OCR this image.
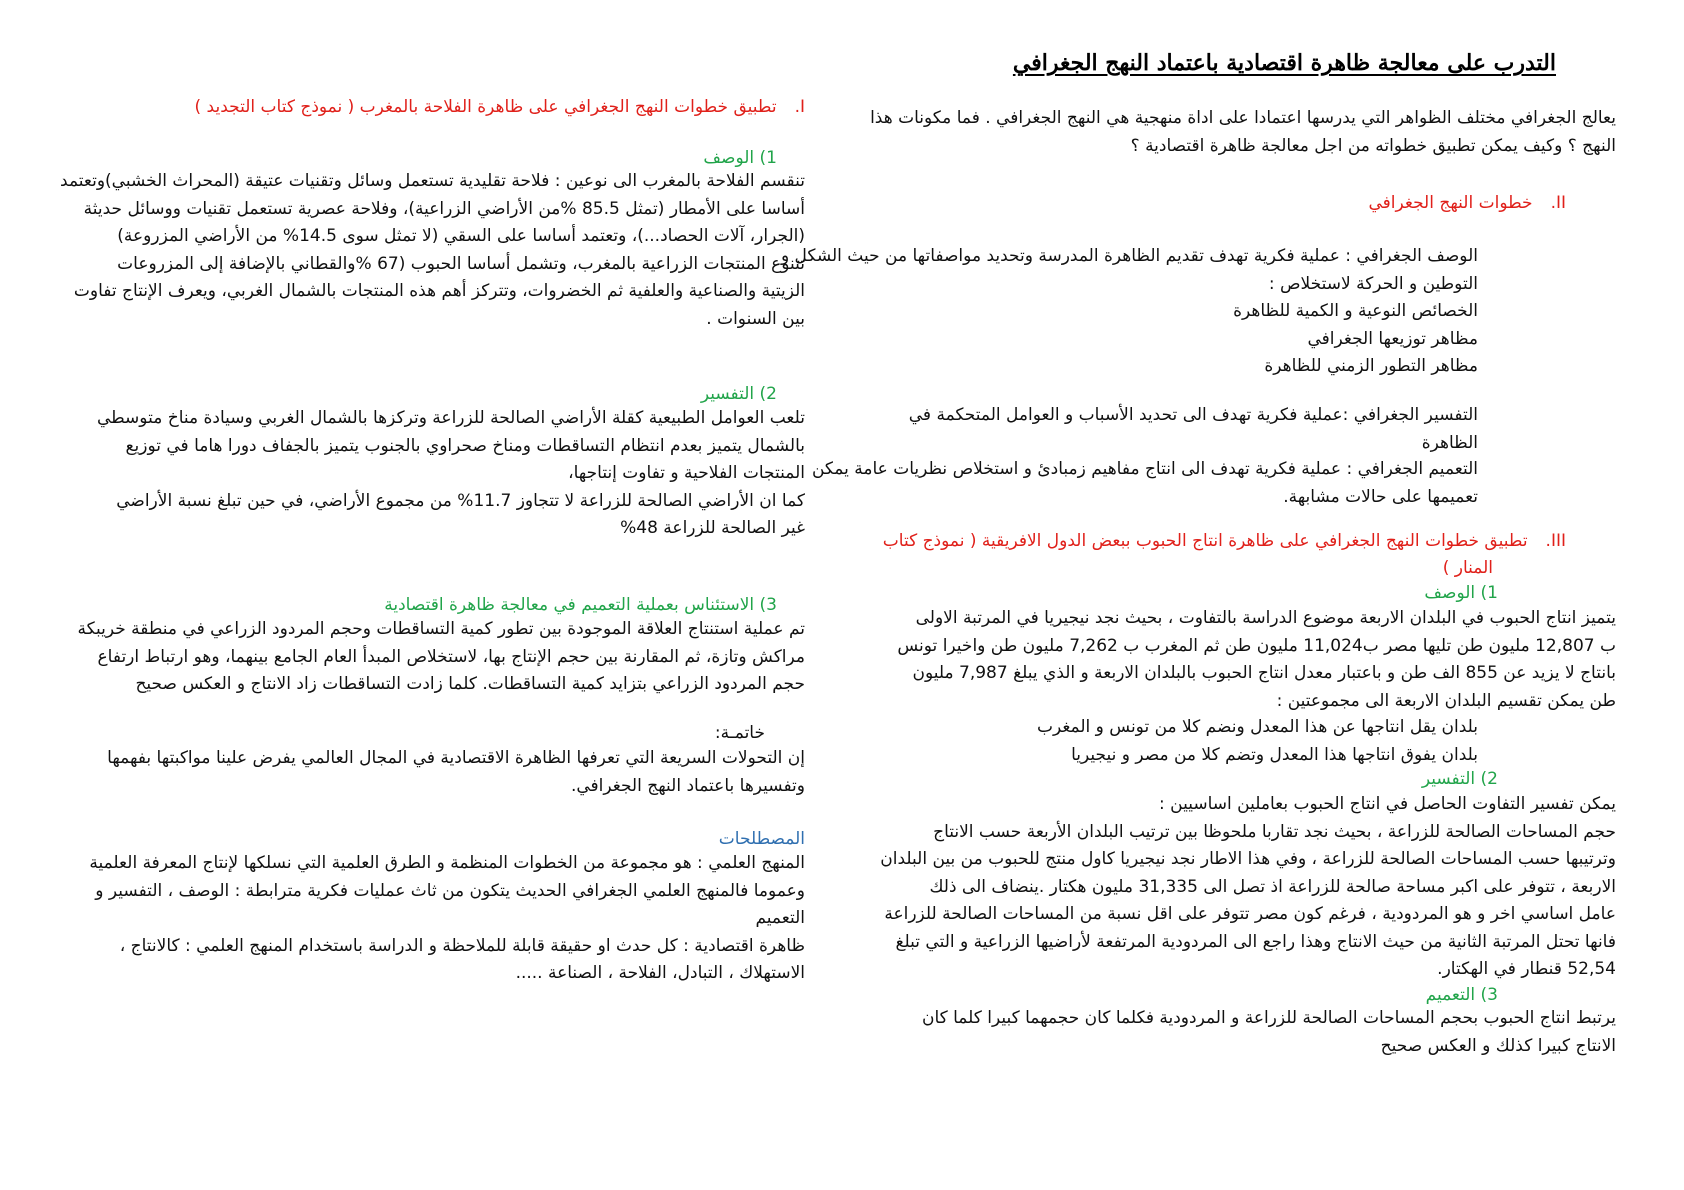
التدرب على معالجة ظاهرة اقتصادية باعتماد النهج الجغرافي
يعالج الجغرافي مختلف الظواهر التي يدرسها اعتمادا على اداة منهجية هي النهج الجغرافي . فما مكونات هذا
النهج ؟ وكيف يمكن تطبيق خطواته من اجل معالجة ظاهرة اقتصادية ؟
II.خطوات النهج الجغرافي
الوصف الجغرافي : عملية فكرية تهدف تقديم الظاهرة المدرسة وتحديد مواصفاتها من حيث الشكل و
التوطين و الحركة لاستخلاص :
الخصائص النوعية و الكمية للظاهرة
مظاهر توزيعها الجغرافي
مظاهر التطور الزمني للظاهرة
التفسير الجغرافي :عملية فكرية تهدف الى تحديد الأسباب و العوامل المتحكمة في الظاهرة
التعميم الجغرافي : عملية فكرية تهدف الى انتاج مفاهيم زمبادئ و استخلاص نظريات عامة يمكن
تعميمها على حالات مشابهة.
III.تطبيق خطوات النهج الجغرافي على ظاهرة انتاج الحبوب ببعض الدول الافريقية ( نموذج كتاب
المنار )
1) الوصف
يتميز انتاج الحبوب في البلدان الاربعة موضوع الدراسة بالتفاوت ، بحيث نجد نيجيريا في المرتبة الاولى
ب 12,807 مليون طن تليها مصر ب11,024 مليون طن ثم المغرب ب 7,262 مليون طن واخيرا تونس
بانتاج لا يزيد عن 855 الف طن و باعتبار معدل انتاج الحبوب بالبلدان الاربعة و الذي يبلغ 7,987 مليون
طن يمكن تقسيم البلدان الاربعة الى مجموعتين :
بلدان يقل انتاجها عن هذا المعدل ونضم كلا من تونس و المغرب
بلدان يفوق انتاجها هذا المعدل وتضم كلا من مصر و نيجيريا
2) التفسير
يمكن تفسير التفاوت الحاصل في انتاج الحبوب بعاملين اساسيين :
حجم المساحات الصالحة للزراعة ، بحيث نجد تقاربا ملحوظا بين ترتيب البلدان الأربعة حسب الانتاج
وترتيبها حسب المساحات الصالحة للزراعة ، وفي هذا الاطار نجد نيجيريا كاول منتج للحبوب من بين البلدان
الاربعة ، تتوفر على اكبر مساحة صالحة للزراعة اذ تصل الى 31,335 مليون هكتار .ينضاف الى ذلك
عامل اساسي اخر و هو المردودية ، فرغم كون مصر تتوفر على اقل نسبة من المساحات الصالحة للزراعة
فانها تحتل المرتبة الثانية من حيث الانتاج وهذا راجع الى المردودية المرتفعة لأراضيها الزراعية و التي تبلغ
52,54 قنطار في الهكتار.
3) التعميم
يرتبط انتاج الحبوب بحجم المساحات الصالحة للزراعة و المردودية فكلما كان حجمهما كبيرا كلما كان
الانتاج كبيرا كذلك و العكس صحيح
I.تطبيق خطوات النهج الجغرافي على ظاهرة الفلاحة بالمغرب ( نموذج كتاب التجديد )
1) الوصف
تنقسم الفلاحة بالمغرب الى نوعين : فلاحة تقليدية تستعمل وسائل وتقنيات عتيقة (المحراث الخشبي)وتعتمد
أساسا على الأمطار (تمثل 85.5 %من الأراضي الزراعية)، وفلاحة عصرية تستعمل تقنيات ووسائل حديثة
(الجرار، آلات الحصاد...)، وتعتمد أساسا على السقي (لا تمثل سوى 14.5% من الأراضي المزروعة)
تتنوع المنتجات الزراعية بالمغرب، وتشمل أساسا الحبوب (67 %والقطاني بالإضافة إلى المزروعات
الزيتية والصناعية والعلفية ثم الخضروات، وتتركز أهم هذه المنتجات بالشمال الغربي، ويعرف الإنتاج تفاوت
بين السنوات .
2) التفسير
تلعب العوامل الطبيعية كقلة الأراضي الصالحة للزراعة وتركزها بالشمال الغربي وسيادة مناخ متوسطي
بالشمال يتميز بعدم انتظام التساقطات ومناخ صحراوي بالجنوب يتميز بالجفاف دورا هاما في توزيع
المنتجات الفلاحية و تفاوت إنتاجها،
كما ان الأراضي الصالحة للزراعة لا تتجاوز 11.7% من مجموع الأراضي، في حين تبلغ نسبة الأراضي
غير الصالحة للزراعة 48%
3) الاستئناس بعملية التعميم في معالجة ظاهرة اقتصادية
تم عملية استنتاج العلاقة الموجودة بين تطور كمية التساقطات وحجم المردود الزراعي في منطقة خريبكة
مراكش وتازة، ثم المقارنة بين حجم الإنتاج بها، لاستخلاص المبدأ العام الجامع بينهما، وهو ارتباط ارتفاع
حجم المردود الزراعي بتزايد كمية التساقطات. كلما زادت التساقطات زاد الانتاج و العكس صحيح
خاتمـة:
إن التحولات السريعة التي تعرفها الظاهرة الاقتصادية في المجال العالمي يفرض علينا مواكبتها بفهمها
وتفسيرها باعتماد النهج الجغرافي.
المصطلحات
المنهج العلمي : هو مجموعة من الخطوات المنظمة و الطرق العلمية التي نسلكها لإنتاج المعرفة العلمية
وعموما فالمنهج العلمي الجغرافي الحديث يتكون من ثاث عمليات فكرية مترابطة : الوصف ، التفسير و
التعميم
ظاهرة اقتصادية : كل حدث او حقيقة قابلة للملاحظة و الدراسة باستخدام المنهج العلمي : كالانتاج ،
الاستهلاك ، التبادل، الفلاحة ، الصناعة .....
